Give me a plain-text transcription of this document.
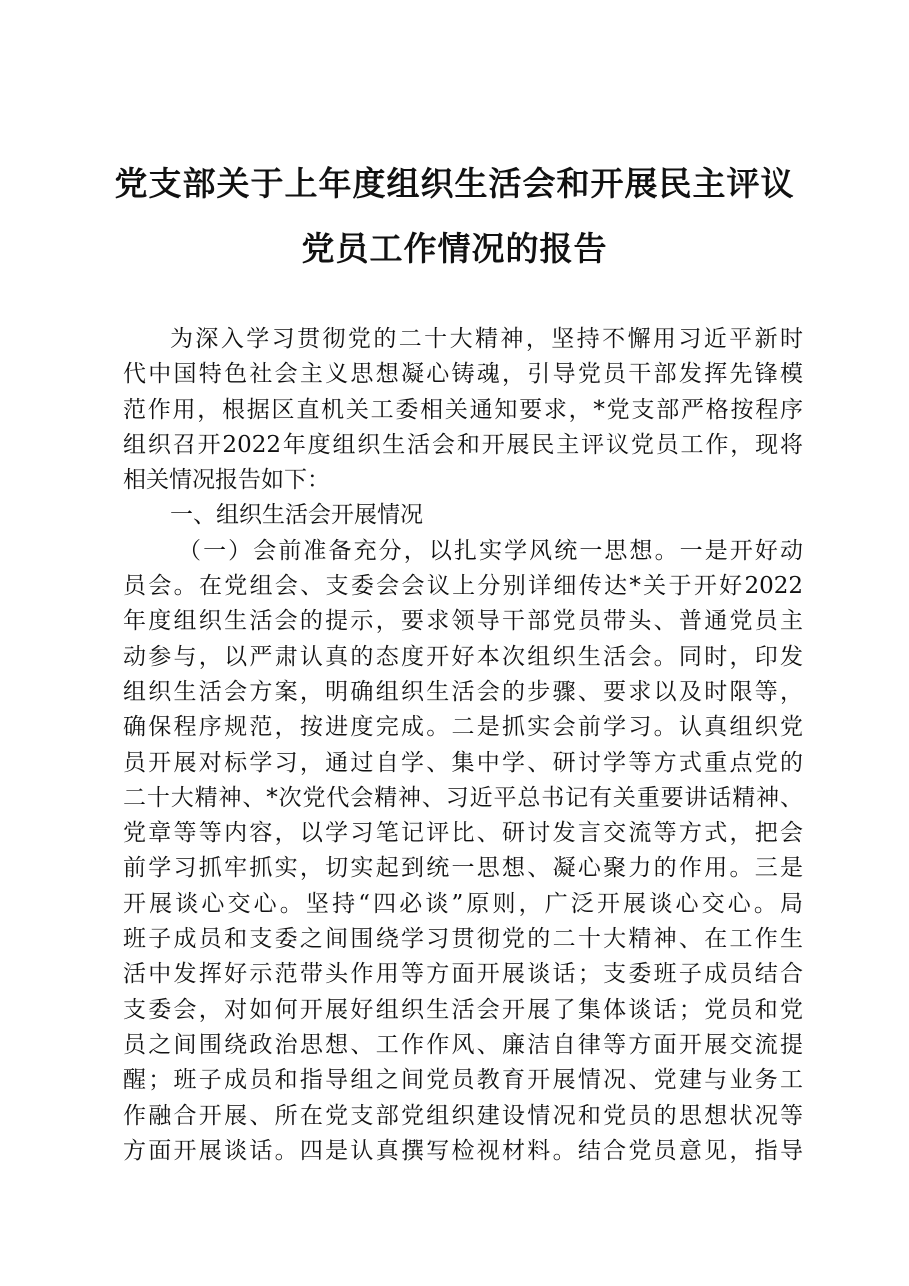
党支部关于上年度组织生活会和开展民主评议
党员工作情况的报告
为深入学习贯彻党的二十大精神，坚持不懈用习近平新时
代中国特色社会主义思想凝心铸魂，引导党员干部发挥先锋模
范作用，根据区直机关工委相关通知要求，*党支部严格按程序
组织召开2022年度组织生活会和开展民主评议党员工作，现将
相关情况报告如下：
一、组织生活会开展情况
（一）会前准备充分，以扎实学风统一思想。一是开好动
员会。在党组会、支委会会议上分别详细传达*关于开好2022
年度组织生活会的提示，要求领导干部党员带头、普通党员主
动参与，以严肃认真的态度开好本次组织生活会。同时，印发
组织生活会方案，明确组织生活会的步骤、要求以及时限等，
确保程序规范，按进度完成。二是抓实会前学习。认真组织党
员开展对标学习，通过自学、集中学、研讨学等方式重点党的
二十大精神、*次党代会精神、习近平总书记有关重要讲话精神、
党章等等内容，以学习笔记评比、研讨发言交流等方式，把会
前学习抓牢抓实，切实起到统一思想、凝心聚力的作用。三是
开展谈心交心。坚持“四必谈”原则，广泛开展谈心交心。局
班子成员和支委之间围绕学习贯彻党的二十大精神、在工作生
活中发挥好示范带头作用等方面开展谈话；支委班子成员结合
支委会，对如何开展好组织生活会开展了集体谈话；党员和党
员之间围绕政治思想、工作作风、廉洁自律等方面开展交流提
醒；班子成员和指导组之间党员教育开展情况、党建与业务工
作融合开展、所在党支部党组织建设情况和党员的思想状况等
方面开展谈话。四是认真撰写检视材料。结合党员意见，指导
